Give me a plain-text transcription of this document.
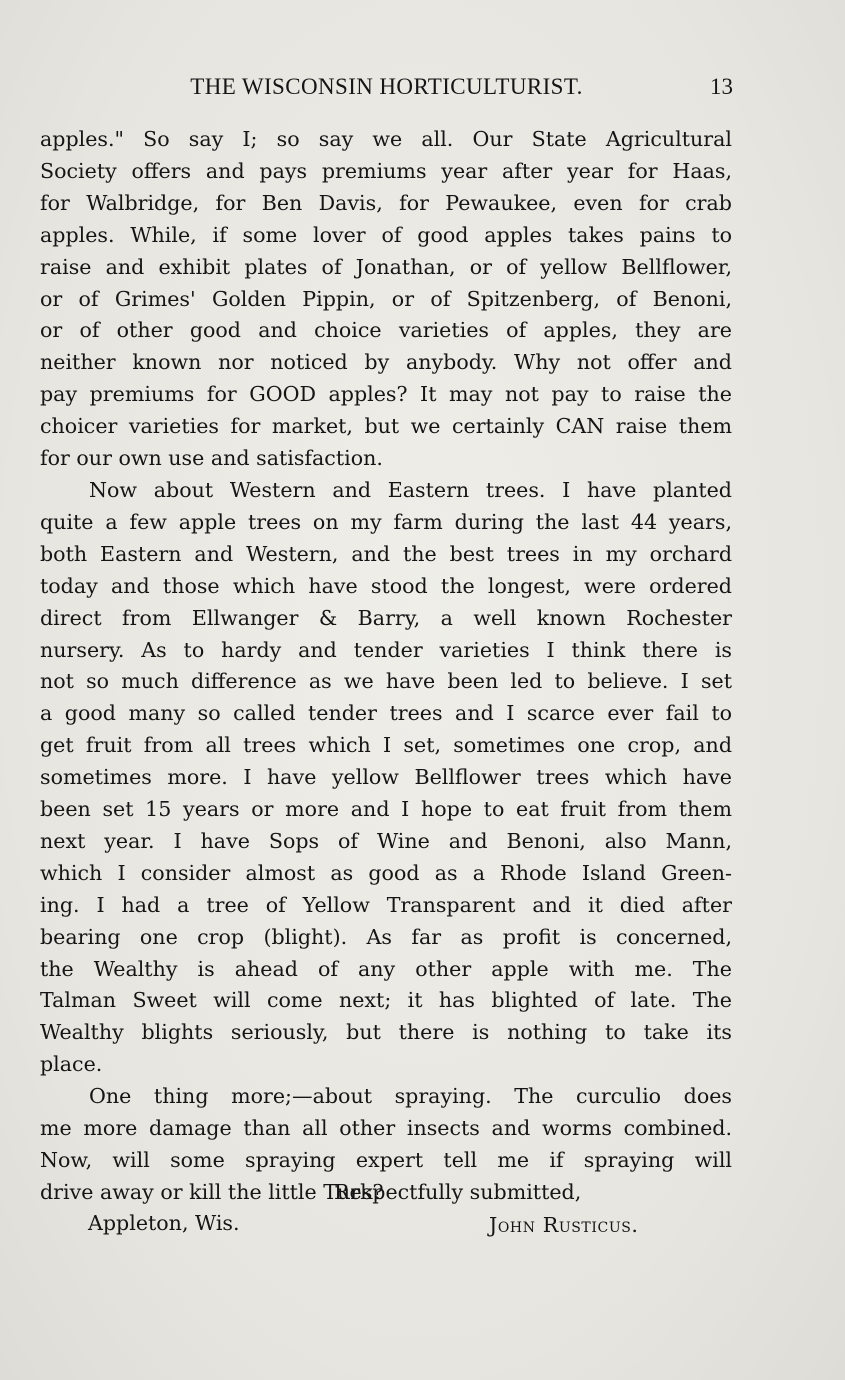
THE WISCONSIN HORTICULTURIST.	13

apples." So say I; so say we all. Our State Agricultural
Society offers and pays premiums year after year for Haas,
for Walbridge, for Ben Davis, for Pewaukee, even for crab
apples. While, if some lover of good apples takes pains to
raise and exhibit plates of Jonathan, or of yellow Bellflower,
or of Grimes' Golden Pippin, or of Spitzenberg, of Benoni,
or of other good and choice varieties of apples, they are
neither known nor noticed by anybody. Why not offer and
pay premiums for GOOD apples? It may not pay to raise the
choicer varieties for market, but we certainly CAN raise them
for our own use and satisfaction.

Now about Western and Eastern trees. I have planted
quite a few apple trees on my farm during the last 44 years,
both Eastern and Western, and the best trees in my orchard
today and those which have stood the longest, were ordered
direct from Ellwanger & Barry, a well known Rochester
nursery. As to hardy and tender varieties I think there is
not so much difference as we have been led to believe. I set
a good many so called tender trees and I scarce ever fail to
get fruit from all trees which I set, sometimes one crop, and
sometimes more. I have yellow Bellflower trees which have
been set 15 years or more and I hope to eat fruit from them
next year. I have Sops of Wine and Benoni, also Mann,
which I consider almost as good as a Rhode Island Green-
ing. I had a tree of Yellow Transparent and it died after
bearing one crop (blight). As far as profit is concerned,
the Wealthy is ahead of any other apple with me. The
Talman Sweet will come next; it has blighted of late. The
Wealthy blights seriously, but there is nothing to take its
place.

One thing more;—about spraying. The curculio does
me more damage than all other insects and worms combined.
Now, will some spraying expert tell me if spraying will
drive away or kill the little Turk?

Respectfully submitted,
Appleton, Wis.	John Rusticus.
